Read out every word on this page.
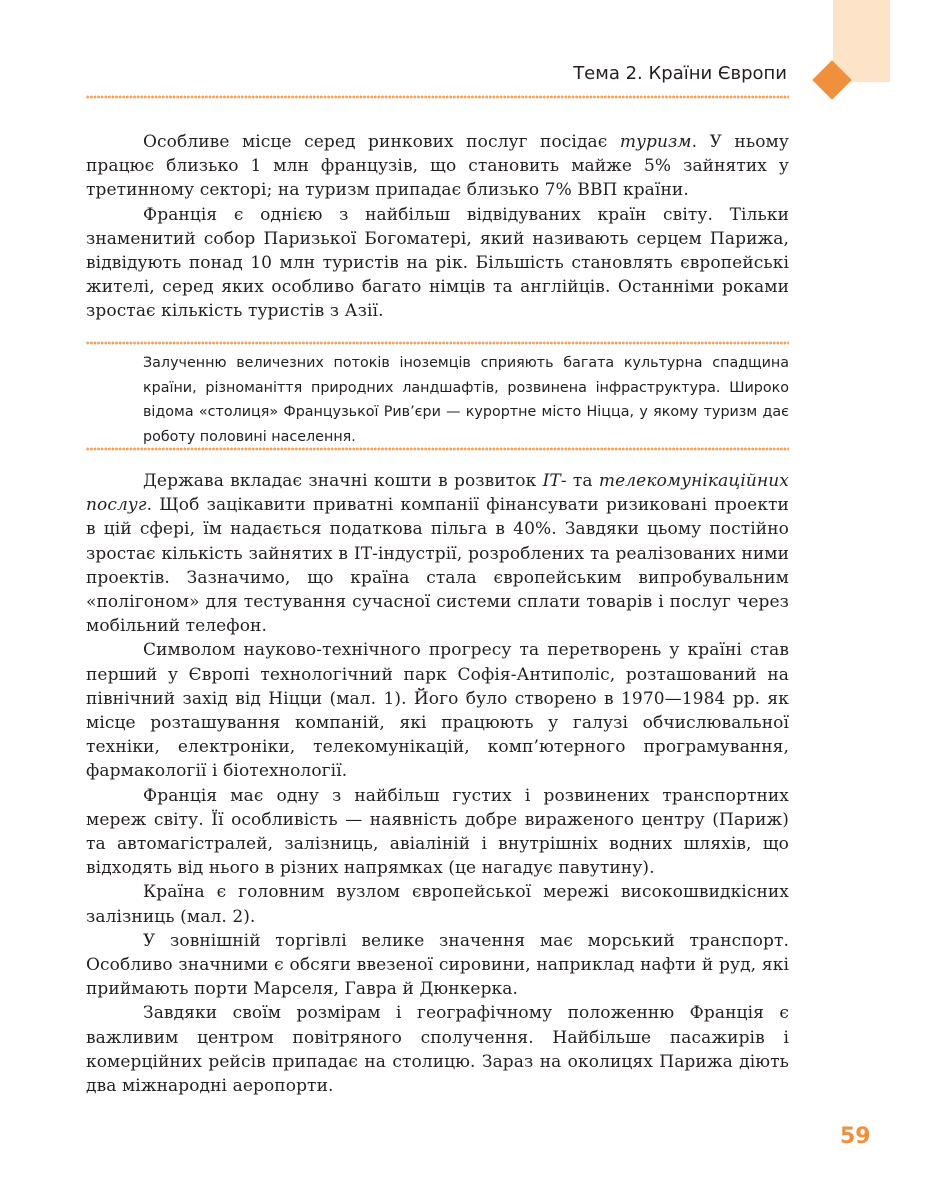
Тема 2. Країни Європи

Особливе місце серед ринкових послуг посідає туризм. У ньому працює близько 1 млн французів, що становить майже 5% зайнятих у третинному секторі; на туризм припадає близько 7% ВВП країни.

Франція є однією з найбільш відвідуваних країн світу. Тільки знаменитий собор Паризької Богоматері, який називають серцем Парижа, відвідують понад 10 млн туристів на рік. Більшість становлять європейські жителі, серед яких особливо багато німців та англійців. Останніми роками зростає кількість туристів з Азії.

Залученню величезних потоків іноземців сприяють багата культурна спадщина країни, різноманіття природних ландшафтів, розвинена інфраструктура. Широко відома «столиця» Французької Рив’єри — курортне місто Ніцца, у якому туризм дає роботу половині населення.

Держава вкладає значні кошти в розвиток ІТ- та телекомунікаційних послуг. Щоб зацікавити приватні компанії фінансувати ризиковані проекти в цій сфері, їм надається податкова пільга в 40%. Завдяки цьому постійно зростає кількість зайнятих в ІТ-індустрії, розроблених та реалізованих ними проектів. Зазначимо, що країна стала європейським випробувальним «полігоном» для тестування сучасної системи сплати товарів і послуг через мобільний телефон.

Символом науково-технічного прогресу та перетворень у країні став перший у Європі технологічний парк Софія-Антиполіс, розташований на північний захід від Ніцци (мал. 1). Його було створено в 1970—1984 рр. як місце розташування компаній, які працюють у галузі обчислювальної техніки, електроніки, телекомунікацій, комп’ютерного програмування, фармакології і біотехнології.

Франція має одну з найбільш густих і розвинених транспортних мереж світу. Її особливість — наявність добре вираженого центру (Париж) та автомагістралей, залізниць, авіаліній і внутрішніх водних шляхів, що відходять від нього в різних напрямках (це нагадує павутину).

Країна є головним вузлом європейської мережі високошвидкісних залізниць (мал. 2).

У зовнішній торгівлі велике значення має морський транспорт. Особливо значними є обсяги ввезеної сировини, наприклад нафти й руд, які приймають порти Марселя, Гавра й Дюнкерка.

Завдяки своїм розмірам і географічному положенню Франція є важливим центром повітряного сполучення. Найбільше пасажирів і комерційних рейсів припадає на столицю. Зараз на околицях Парижа діють два міжнародні аеропорти.

59
